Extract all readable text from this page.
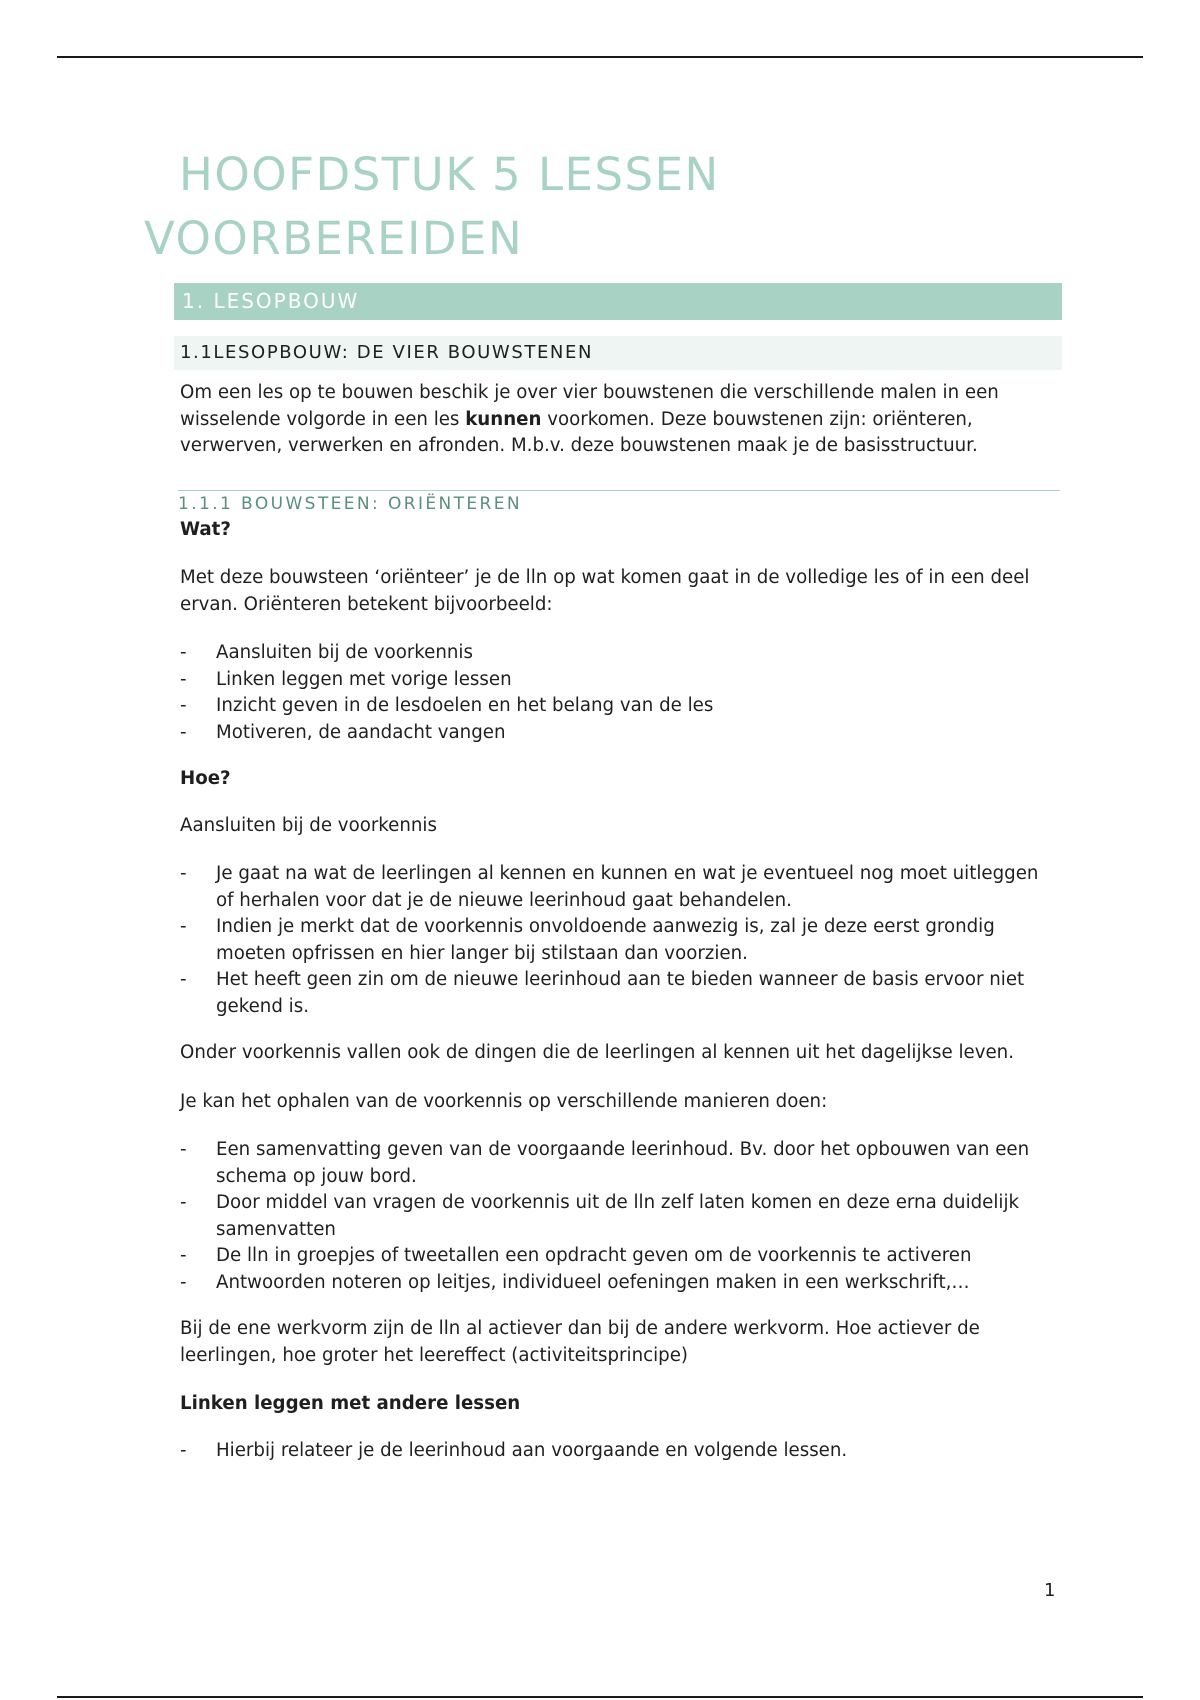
HOOFDSTUK 5 LESSEN VOORBEREIDEN
1. LESOPBOUW
1.1LESOPBOUW: DE VIER BOUWSTENEN

Om een les op te bouwen beschik je over vier bouwstenen die verschillende malen in een wisselende volgorde in een les kunnen voorkomen. Deze bouwstenen zijn: oriënteren, verwerven, verwerken en afronden. M.b.v. deze bouwstenen maak je de basisstructuur.

1.1.1 BOUWSTEEN: ORIËNTEREN

Wat?

Met deze bouwsteen ‘oriënteer’ je de lln op wat komen gaat in de volledige les of in een deel ervan. Oriënteren betekent bijvoorbeeld:

- Aansluiten bij de voorkennis
- Linken leggen met vorige lessen
- Inzicht geven in de lesdoelen en het belang van de les
- Motiveren, de aandacht vangen

Hoe?

Aansluiten bij de voorkennis

- Je gaat na wat de leerlingen al kennen en kunnen en wat je eventueel nog moet uitleggen of herhalen voor dat je de nieuwe leerinhoud gaat behandelen.
- Indien je merkt dat de voorkennis onvoldoende aanwezig is, zal je deze eerst grondig moeten opfrissen en hier langer bij stilstaan dan voorzien.
- Het heeft geen zin om de nieuwe leerinhoud aan te bieden wanneer de basis ervoor niet gekend is.

Onder voorkennis vallen ook de dingen die de leerlingen al kennen uit het dagelijkse leven.

Je kan het ophalen van de voorkennis op verschillende manieren doen:

- Een samenvatting geven van de voorgaande leerinhoud. Bv. door het opbouwen van een schema op jouw bord.
- Door middel van vragen de voorkennis uit de lln zelf laten komen en deze erna duidelijk samenvatten
- De lln in groepjes of tweetallen een opdracht geven om de voorkennis te activeren
- Antwoorden noteren op leitjes, individueel oefeningen maken in een werkschrift,…

Bij de ene werkvorm zijn de lln al actiever dan bij de andere werkvorm. Hoe actiever de leerlingen, hoe groter het leereffect (activiteitsprincipe)

Linken leggen met andere lessen

- Hierbij relateer je de leerinhoud aan voorgaande en volgende lessen.
1
